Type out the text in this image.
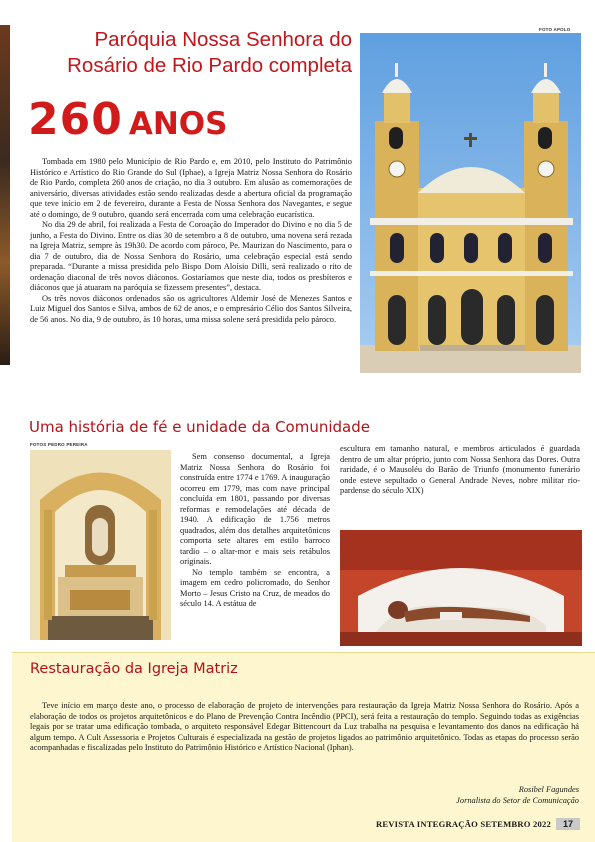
Paróquia Nossa Senhora do Rosário de Rio Pardo completa
260 ANOS
FOTO APOLO

Tombada em 1980 pelo Município de Rio Pardo e, em 2010, pelo Instituto do Patrimônio Histórico e Artístico do Rio Grande do Sul (Iphae), a Igreja Matriz Nossa Senhora do Rosário de Rio Pardo, completa 260 anos de criação, no dia 3 outubro. Em alusão as comemorações de aniversário, diversas atividades estão sendo realizadas desde a abertura oficial da programação que teve início em 2 de fevereiro, durante a Festa de Nossa Senhora dos Navegantes, e segue até o domingo, de 9 outubro, quando será encerrada com uma celebração eucarística.

No dia 29 de abril, foi realizada a Festa de Coroação do Imperador do Divino e no dia 5 de junho, a Festa do Divino. Entre os dias 30 de setembro a 8 de outubro, uma novena será rezada na Igreja Matriz, sempre às 19h30. De acordo com pároco, Pe. Maurizan do Nascimento, para o dia 7 de outubro, dia de Nossa Senhora do Rosário, uma celebração especial está sendo preparada. “Durante a missa presidida pelo Bispo Dom Aloísio Dilli, será realizado o rito de ordenação diaconal de três novos diáconos. Gostaríamos que neste dia, todos os presbíteros e diáconos que já atuaram na paróquia se fizessem presentes”, destaca.

Os três novos diáconos ordenados são os agricultores Aldemir José de Menezes Santos e Luiz Miguel dos Santos e Silva, ambos de 62 de anos, e o empresário Célio dos Santos Silveira, de 56 anos. No dia, 9 de outubro, às 10 horas, uma missa solene será presidida pelo pároco.

Uma história de fé e unidade da Comunidade
FOTOS PEDRO PEREIRA

Sem consenso documental, a Igreja Matriz Nossa Senhora do Rosário foi construída entre 1774 e 1769. A inauguração ocorreu em 1779, mas com nave principal concluída em 1801, passando por diversas reformas e remodelações até década de 1940. A edificação de 1.756 metros quadrados, além dos detalhes arquitetônicos comporta sete altares em estilo barroco tardio – o altar-mor e mais seis retábulos originais.

No templo também se encontra, a imagem em cedro policromado, do Senhor Morto – Jesus Cristo na Cruz, de meados do século 14. A estátua de

escultura em tamanho natural, e membros articulados é guardada dentro de um altar próprio, junto com Nossa Senhora das Dores. Outra raridade, é o Mausoléu do Barão de Triunfo (monumento funerário onde esteve sepultado o General Andrade Neves, nobre militar rio-pardense do século XIX)

Restauração da Igreja Matriz

Teve início em março deste ano, o processo de elaboração de projeto de intervenções para restauração da Igreja Matriz Nossa Senhora do Rosário. Após a elaboração de todos os projetos arquitetônicos e do Plano de Prevenção Contra Incêndio (PPCI), será feita a restauração do templo. Seguindo todas as exigências legais por se tratar uma edificação tombada, o arquiteto responsável Edegar Bittencourt da Luz trabalha na pesquisa e levantamento dos danos na edificação há algum tempo. A Cult Assessoria e Projetos Culturais é especializada na gestão de projetos ligados ao patrimônio arquitetônico. Todas as etapas do processo serão acompanhadas e fiscalizadas pelo Instituto do Patrimônio Histórico e Artístico Nacional (Iphan).

Rosibel Fagundes
Jornalista do Setor de Comunicação
REVISTA INTEGRAÇÃO SETEMBRO 2022	17
